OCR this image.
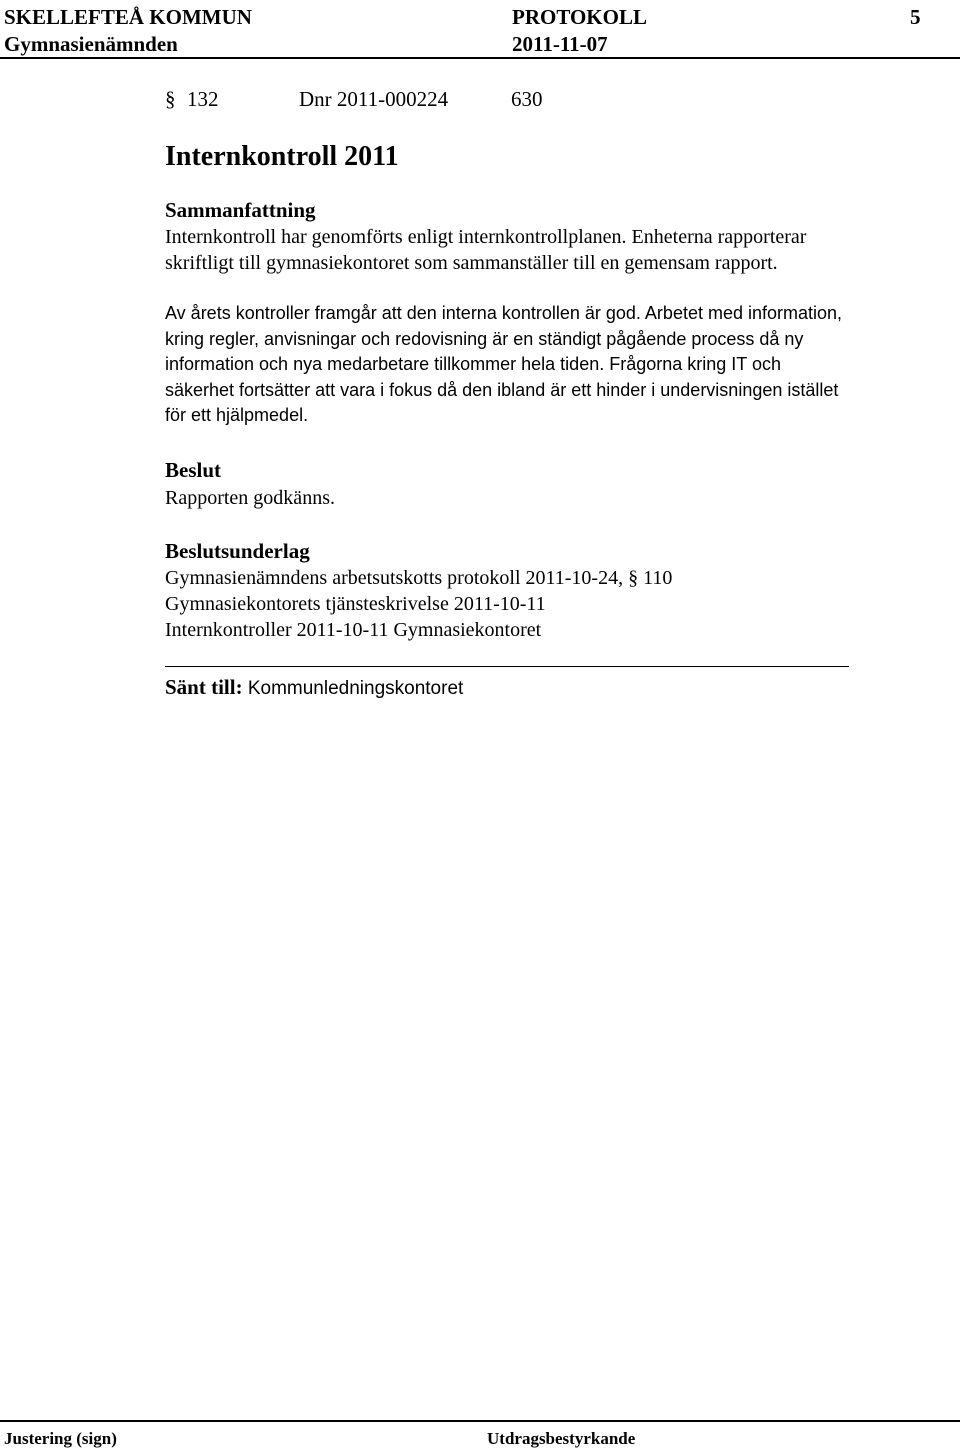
SKELLEFTEÅ KOMMUN	PROTOKOLL	5
Gymnasienämnden	2011-11-07
§ 132	Dnr 2011-000224	630
Internkontroll 2011
Sammanfattning
Internkontroll har genomförts enligt internkontrollplanen. Enheterna rapporterar
skriftligt till gymnasiekontoret som sammanställer till en gemensam rapport.
Av årets kontroller framgår att den interna kontrollen är god. Arbetet med information,
kring regler, anvisningar och redovisning är en ständigt pågående process då ny
information och nya medarbetare tillkommer hela tiden. Frågorna kring IT och
säkerhet fortsätter att vara i fokus då den ibland är ett hinder i undervisningen istället
för ett hjälpmedel.
Beslut
Rapporten godkänns.
Beslutsunderlag
Gymnasienämndens arbetsutskotts protokoll 2011-10-24, § 110
Gymnasiekontorets tjänsteskrivelse 2011-10-11
Internkontroller 2011-10-11 Gymnasiekontoret
Sänt till: Kommunledningskontoret
Justering (sign)	Utdragsbestyrkande
